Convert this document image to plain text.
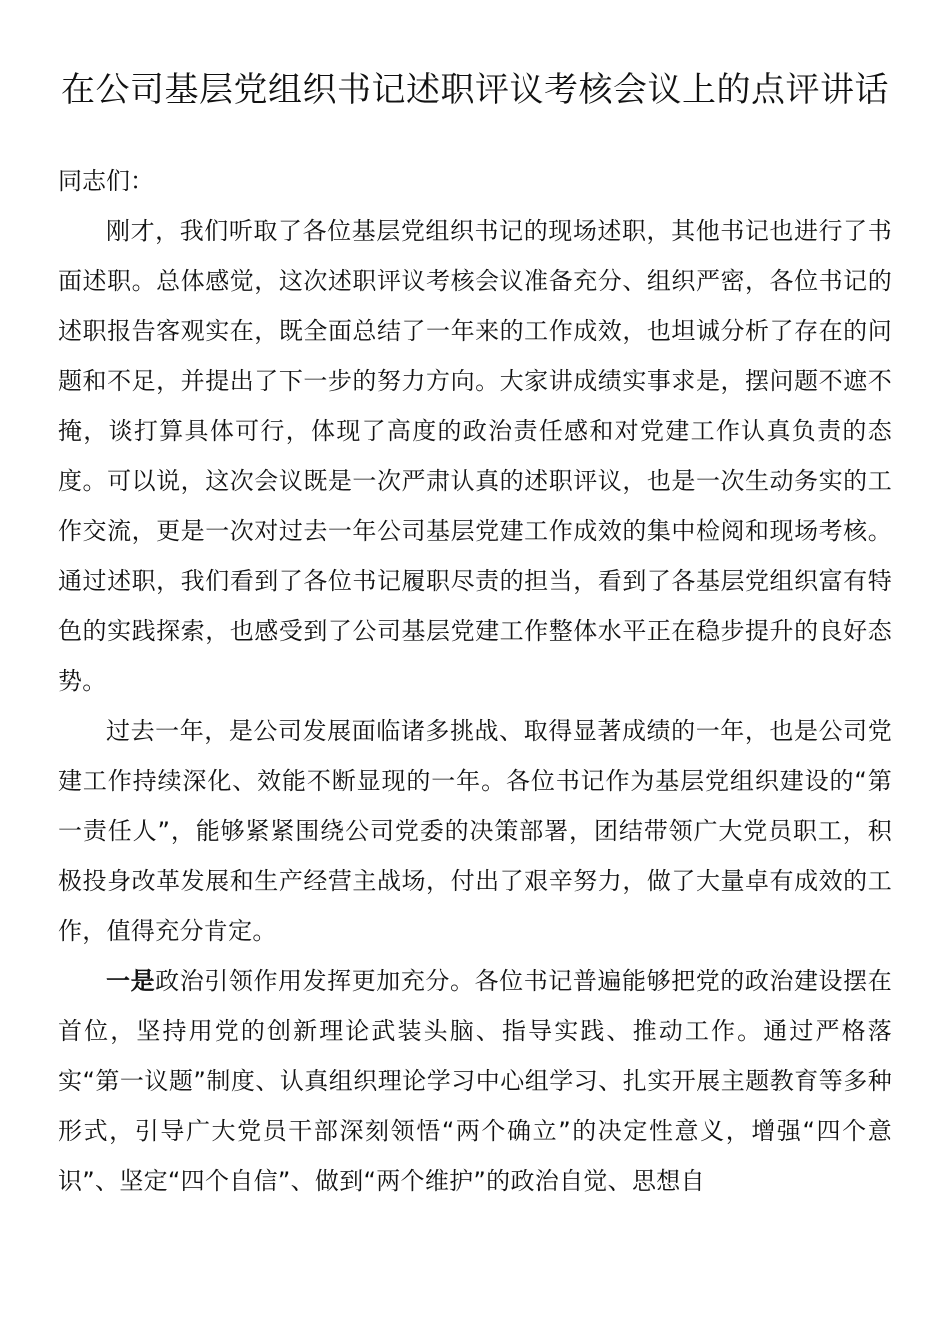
在公司基层党组织书记述职评议考核会议上的点评讲话

同志们：

刚才，我们听取了各位基层党组织书记的现场述职，其他书记也进行了书面述职。总体感觉，这次述职评议考核会议准备充分、组织严密，各位书记的述职报告客观实在，既全面总结了一年来的工作成效，也坦诚分析了存在的问题和不足，并提出了下一步的努力方向。大家讲成绩实事求是，摆问题不遮不掩，谈打算具体可行，体现了高度的政治责任感和对党建工作认真负责的态度。可以说，这次会议既是一次严肃认真的述职评议，也是一次生动务实的工作交流，更是一次对过去一年公司基层党建工作成效的集中检阅和现场考核。通过述职，我们看到了各位书记履职尽责的担当，看到了各基层党组织富有特色的实践探索，也感受到了公司基层党建工作整体水平正在稳步提升的良好态势。

过去一年，是公司发展面临诸多挑战、取得显著成绩的一年，也是公司党建工作持续深化、效能不断显现的一年。各位书记作为基层党组织建设的“第一责任人”，能够紧紧围绕公司党委的决策部署，团结带领广大党员职工，积极投身改革发展和生产经营主战场，付出了艰辛努力，做了大量卓有成效的工作，值得充分肯定。

一是政治引领作用发挥更加充分。各位书记普遍能够把党的政治建设摆在首位，坚持用党的创新理论武装头脑、指导实践、推动工作。通过严格落实“第一议题”制度、认真组织理论学习中心组学习、扎实开展主题教育等多种形式，引导广大党员干部深刻领悟“两个确立”的决定性意义，增强“四个意识”、坚定“四个自信”、做到“两个维护”的政治自觉、思想自
